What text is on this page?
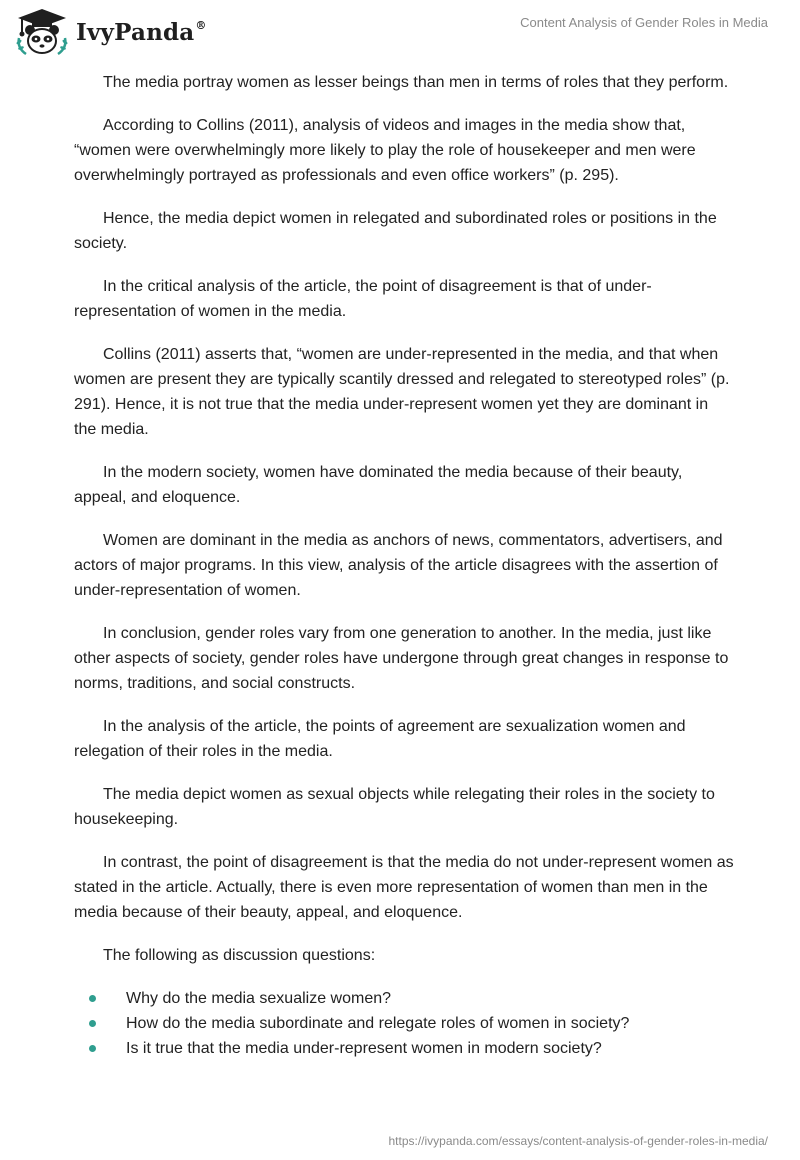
IvyPanda®	Content Analysis of Gender Roles in Media

The media portray women as lesser beings than men in terms of roles that they perform.

According to Collins (2011), analysis of videos and images in the media show that, “women were overwhelmingly more likely to play the role of housekeeper and men were overwhelmingly portrayed as professionals and even office workers” (p. 295).

Hence, the media depict women in relegated and subordinated roles or positions in the society.

In the critical analysis of the article, the point of disagreement is that of under-representation of women in the media.

Collins (2011) asserts that, “women are under-represented in the media, and that when women are present they are typically scantily dressed and relegated to stereotyped roles” (p. 291). Hence, it is not true that the media under-represent women yet they are dominant in the media.

In the modern society, women have dominated the media because of their beauty, appeal, and eloquence.

Women are dominant in the media as anchors of news, commentators, advertisers, and actors of major programs. In this view, analysis of the article disagrees with the assertion of under-representation of women.

In conclusion, gender roles vary from one generation to another. In the media, just like other aspects of society, gender roles have undergone through great changes in response to norms, traditions, and social constructs.

In the analysis of the article, the points of agreement are sexualization women and relegation of their roles in the media.

The media depict women as sexual objects while relegating their roles in the society to housekeeping.

In contrast, the point of disagreement is that the media do not under-represent women as stated in the article. Actually, there is even more representation of women than men in the media because of their beauty, appeal, and eloquence.

The following as discussion questions:

Why do the media sexualize women?
How do the media subordinate and relegate roles of women in society?
Is it true that the media under-represent women in modern society?
https://ivypanda.com/essays/content-analysis-of-gender-roles-in-media/
